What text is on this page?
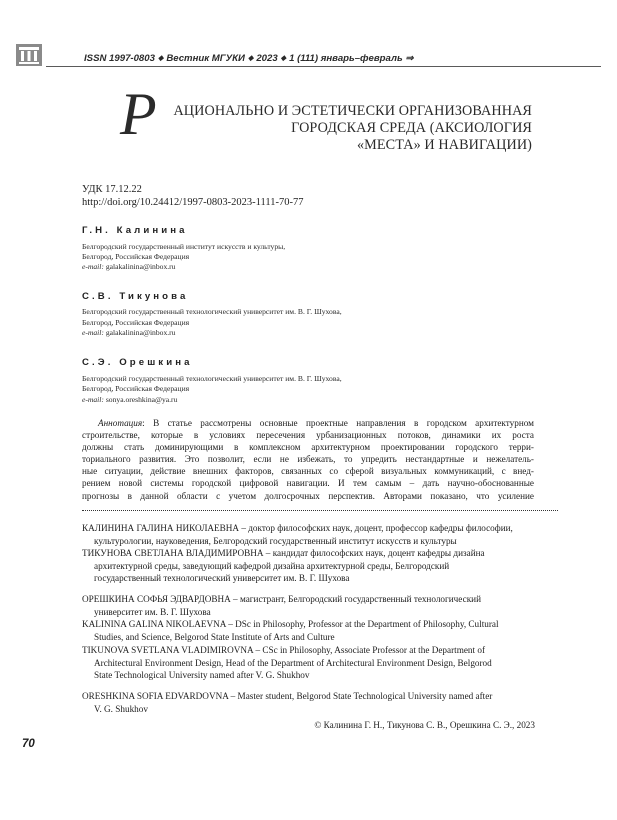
ISSN 1997-0803 ◆ Вестник МГУКИ ◆ 2023 ◆ 1 (111) январь–февраль ⇒
Р АЦИОНАЛЬНО И ЭСТЕТИЧЕСКИ ОРГАНИЗОВАННАЯ
ГОРОДСКАЯ СРЕДА (АКСИОЛОГИЯ
«МЕСТА» И НАВИГАЦИИ)
УДК 17.12.22
http://doi.org/10.24412/1997-0803-2023-1111-70-77
Г.Н. Калинина
Белгородский государственный институт искусств и культуры,
Белгород, Российская Федерация
e-mail: galakalinina@inbox.ru
С.В. Тикунова
Белгородский государственный технологический университет им. В. Г. Шухова,
Белгород, Российская Федерация
e-mail: galakalinina@inbox.ru
С.Э. Орешкина
Белгородский государственный технологический университет им. В. Г. Шухова,
Белгород, Российская Федерация
e-mail: sonya.oreshkina@ya.ru
Аннотация: В статье рассмотрены основные проектные направления в городском архитектурном
строительстве, которые в условиях пересечения урбанизационных потоков, динамики их роста
должны стать доминирующими в комплексном архитектурном проектировании городского терри-
ториального развития. Это позволит, если не избежать, то упредить нестандартные и нежелатель-
ные ситуации, действие внешних факторов, связанных со сферой визуальных коммуникаций, с внед-
рением новой системы городской цифровой навигации. И тем самым – дать научно-обоснованные
прогнозы в данной области с учетом долгосрочных перспектив. Авторами показано, что усиление
КАЛИНИНА ГАЛИНА НИКОЛАЕВНА – доктор философских наук, доцент, профессор кафедры философии,
культурологии, науковедения, Белгородский государственный институт искусств и культуры
ТИКУНОВА СВЕТЛАНА ВЛАДИМИРОВНА – кандидат философских наук, доцент кафедры дизайна
архитектурной среды, заведующий кафедрой дизайна архитектурной среды, Белгородский
государственный технологический университет им. В. Г. Шухова
ОРЕШКИНА СОФЬЯ ЭДВАРДОВНА – магистрант, Белгородский государственный технологический
университет им. В. Г. Шухова
KALININA GALINA NIKOLAEVNA – DSc in Philosophy, Professor at the Department of Philosophy, Cultural
Studies, and Science, Belgorod State Institute of Arts and Culture
TIKUNOVA SVETLANA VLADIMIROVNA – CSc in Philosophy, Associate Professor at the Department of
Architectural Environment Design, Head of the Department of Architectural Environment Design, Belgorod
State Technological University named after V. G. Shukhov
ORESHKINA SOFIA EDVARDOVNA – Master student, Belgorod State Technological University named after
V. G. Shukhov
© Калинина Г. Н., Тикунова С. В., Орешкина С. Э., 2023
70
